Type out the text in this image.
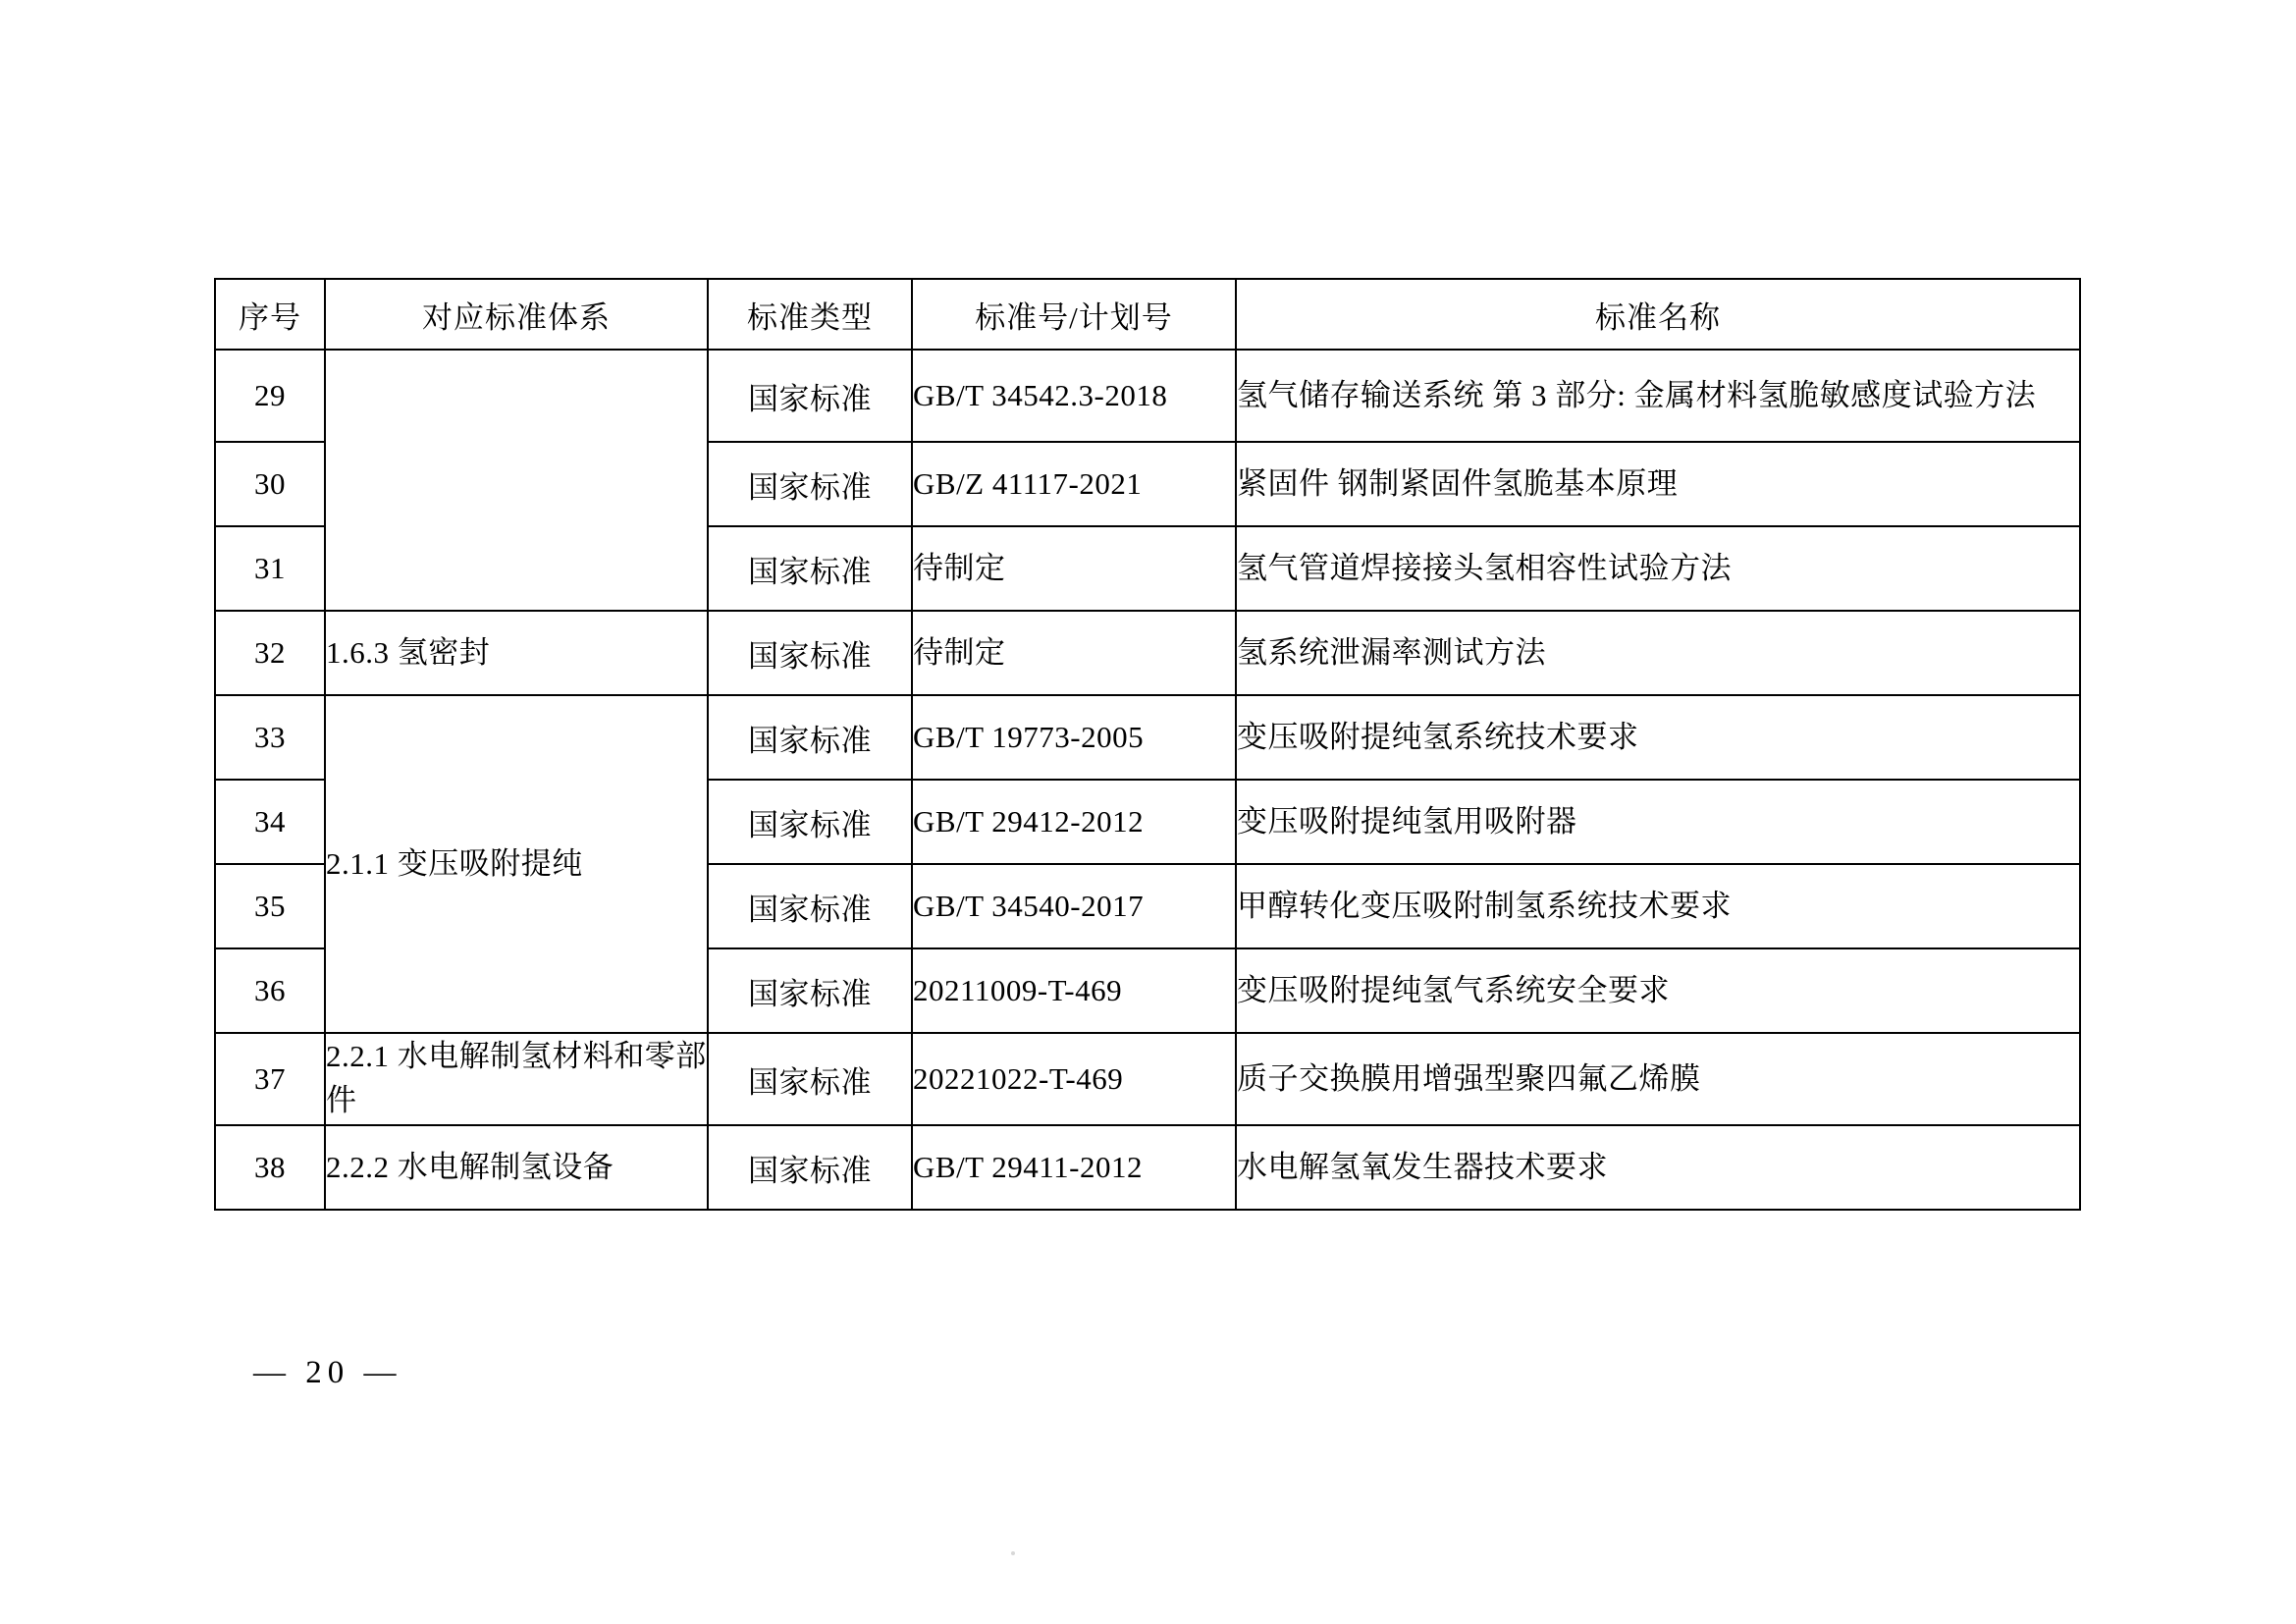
序号	对应标准体系	标准类型	标准号/计划号	标准名称
29		国家标准	GB/T 34542.3-2018	氢气储存输送系统 第 3 部分: 金属材料氢脆敏感度试验方法
30		国家标准	GB/Z 41117-2021	紧固件 钢制紧固件氢脆基本原理
31		国家标准	待制定	氢气管道焊接接头氢相容性试验方法
32	1.6.3 氢密封	国家标准	待制定	氢系统泄漏率测试方法
33	2.1.1 变压吸附提纯	国家标准	GB/T 19773-2005	变压吸附提纯氢系统技术要求
34		国家标准	GB/T 29412-2012	变压吸附提纯氢用吸附器
35		国家标准	GB/T 34540-2017	甲醇转化变压吸附制氢系统技术要求
36		国家标准	20211009-T-469	变压吸附提纯氢气系统安全要求
37	2.2.1 水电解制氢材料和零部件	国家标准	20221022-T-469	质子交换膜用增强型聚四氟乙烯膜
38	2.2.2 水电解制氢设备	国家标准	GB/T 29411-2012	水电解氢氧发生器技术要求
— 20 —
